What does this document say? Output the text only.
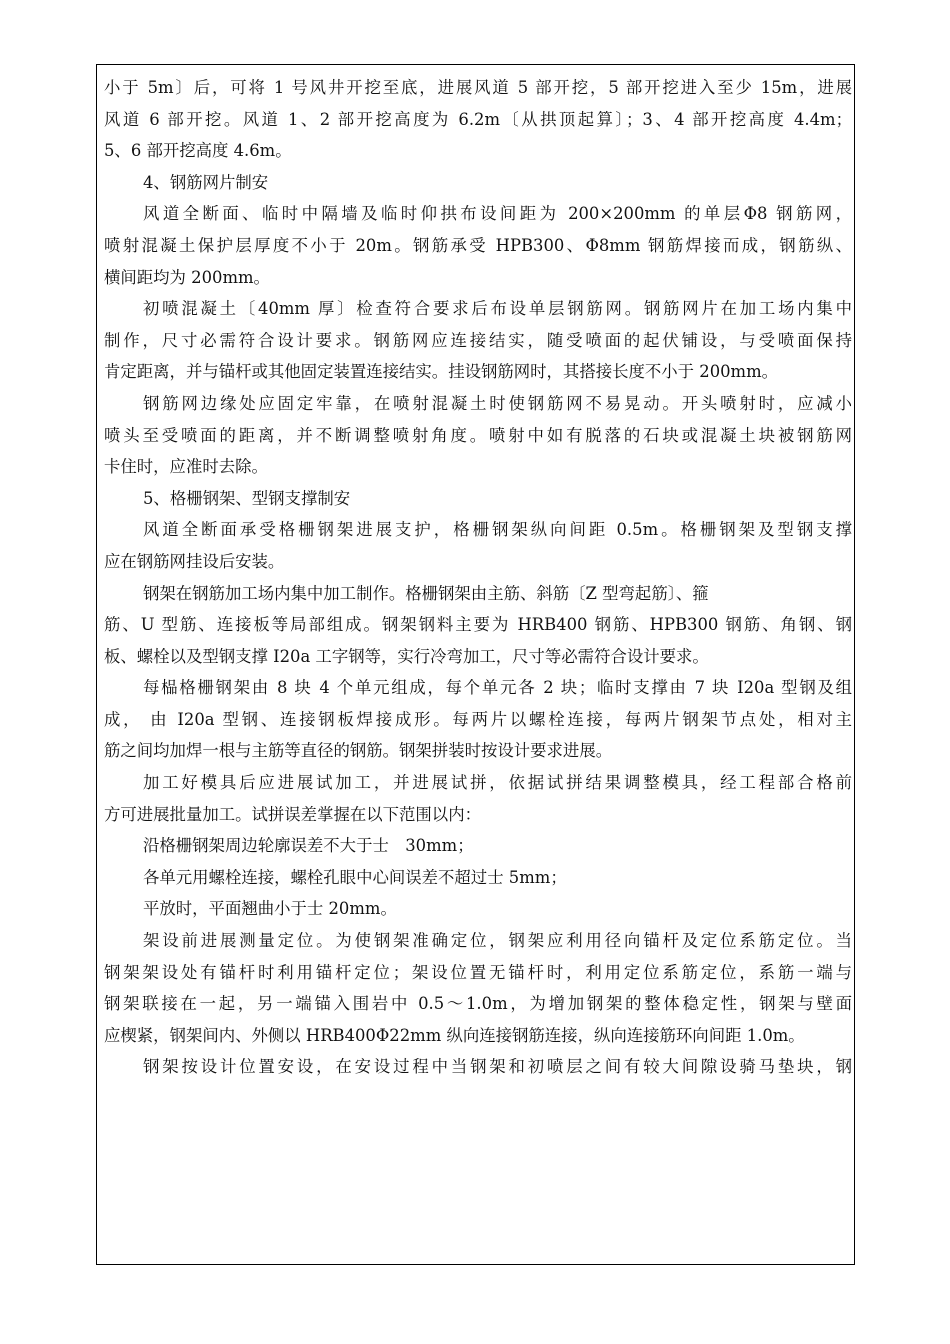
小于 5m〕后，可将 1 号风井开挖至底，进展风道 5 部开挖，5 部开挖进入至少 15m，进展
风道 6 部开挖。风道 1、2 部开挖高度为 6.2m〔从拱顶起算〕；3、4 部开挖高度 4.4m；
5、6 部开挖高度 4.6m。
4、钢筋网片制安
风道全断面、临时中隔墙及临时仰拱布设间距为 200×200mm 的单层Φ8 钢筋网，
喷射混凝土保护层厚度不小于 20m。钢筋承受 HPB300、Φ8mm 钢筋焊接而成，钢筋纵、
横间距均为 200mm。
初喷混凝土〔40mm 厚〕检查符合要求后布设单层钢筋网。钢筋网片在加工场内集中
制作，尺寸必需符合设计要求。钢筋网应连接结实，随受喷面的起伏铺设，与受喷面保持
肯定距离，并与锚杆或其他固定装置连接结实。挂设钢筋网时，其搭接长度不小于 200mm。
钢筋网边缘处应固定牢靠，在喷射混凝土时使钢筋网不易晃动。开头喷射时，应减小
喷头至受喷面的距离，并不断调整喷射角度。喷射中如有脱落的石块或混凝土块被钢筋网
卡住时，应准时去除。
5、格栅钢架、型钢支撑制安
风道全断面承受格栅钢架进展支护，格栅钢架纵向间距 0.5m。格栅钢架及型钢支撑
应在钢筋网挂设后安装。
钢架在钢筋加工场内集中加工制作。格栅钢架由主筋、斜筋〔Z 型弯起筋〕、箍
筋、U 型筋、连接板等局部组成。钢架钢料主要为 HRB400 钢筋、HPB300 钢筋、角钢、钢
板、螺栓以及型钢支撑 I20a 工字钢等，实行冷弯加工，尺寸等必需符合设计要求。
每榀格栅钢架由 8 块 4 个单元组成，每个单元各 2 块；临时支撑由 7 块 I20a 型钢及组
成， 由 I20a 型钢、连接钢板焊接成形。每两片以螺栓连接，每两片钢架节点处，相对主
筋之间均加焊一根与主筋等直径的钢筋。钢架拼装时按设计要求进展。
加工好模具后应进展试加工，并进展试拼，依据试拼结果调整模具，经工程部合格前
方可进展批量加工。试拼误差掌握在以下范围以内：
沿格栅钢架周边轮廓误差不大于士　30mm；
各单元用螺栓连接，螺栓孔眼中心间误差不超过士 5mm；
平放时，平面翘曲小于士 20mm。
架设前进展测量定位。为使钢架准确定位，钢架应利用径向锚杆及定位系筋定位。当
钢架架设处有锚杆时利用锚杆定位；架设位置无锚杆时，利用定位系筋定位，系筋一端与
钢架联接在一起，另一端锚入围岩中 0.5～1.0m，为增加钢架的整体稳定性，钢架与壁面
应楔紧，钢架间内、外侧以 HRB400Φ22mm 纵向连接钢筋连接，纵向连接筋环向间距 1.0m。
钢架按设计位置安设，在安设过程中当钢架和初喷层之间有较大间隙设骑马垫块，钢
